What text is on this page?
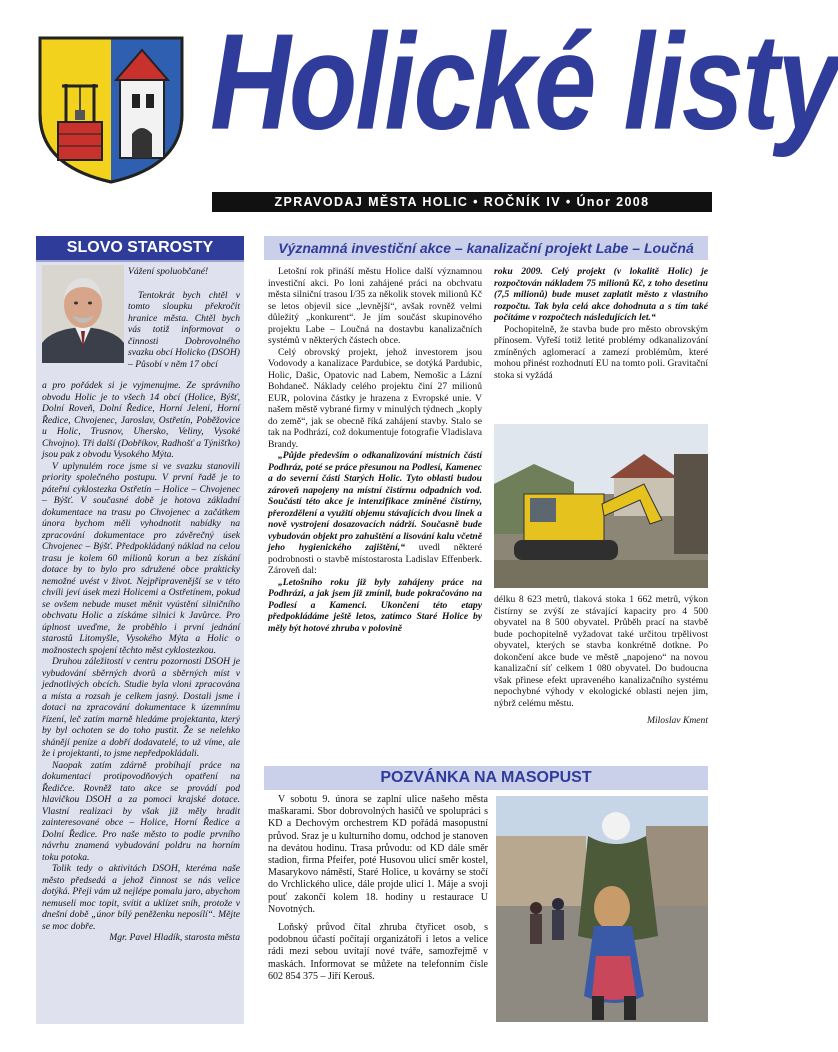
Holické listy
ZPRAVODAJ MĚSTA HOLIC • ROČNÍK IV • Únor 2008
SLOVO STAROSTY

Vážení spoluobčané!

Tentokrát bych chtěl v tomto sloupku překročit hranice města. Chtěl bych vás totiž informovat o činnosti Dobrovolného svazku obcí Holicko (DSOH) – Působí v něm 17 obcí

a pro pořádek si je vyjmenujme. Ze správního obvodu Holic je to všech 14 obcí (Holice, Býšť, Dolní Roveň, Dolní Ředice, Horní Jelení, Horní Ředice, Chvojenec, Jaroslav, Ostřetín, Poběžovice u Holic, Trusnov, Uhersko, Veliny, Vysoké Chvojno). Tři další (Dobříkov, Radhošť a Týnišťko) jsou pak z obvodu Vysokého Mýta.

V uplynulém roce jsme si ve svazku stanovili priority společného postupu. V první řadě je to páteřní cyklostezka Ostřetín – Holice – Chvojenec – Býšť. V současné době je hotova základní dokumentace na trasu po Chvojenec a začátkem února bychom měli vyhodnotit nabídky na zpracování dokumentace pro závěrečný úsek Chvojenec – Býšť. Předpokládaný náklad na celou trasu je kolem 60 milionů korun a bez získání dotace by to bylo pro sdružené obce prakticky nemožné uvést v život. Nejpřipravenější se v této chvíli jeví úsek mezi Holicemi a Ostřetínem, pokud se ovšem nebude muset měnit vyústění silničního obchvatu Holic a získáme silnici k Javůrce. Pro úplnost uveďme, že proběhlo i první jednání starostů Litomyšle, Vysokého Mýta a Holic o možnostech spojení těchto měst cyklostezkou.

Druhou záležitostí v centru pozornosti DSOH je vybudování sběrných dvorů a sběrných míst v jednotlivých obcích. Studie byla vloni zpracována a místa a rozsah je celkem jasný. Dostali jsme i dotaci na zpracování dokumentace k územnímu řízení, leč zatím marně hledáme projektanta, který by byl ochoten se do toho pustit. Že se nelehko shánějí peníze a dobří dodavatelé, to už víme, ale že i projektanti, to jsme nepředpokládali.

Naopak zatím zdárně probíhají práce na dokumentaci protipovodňových opatření na Ředičce. Rovněž tato akce se provádí pod hlavičkou DSOH a za pomoci krajské dotace. Vlastní realizaci by však již měly hradit zainteresované obce – Holice, Horní Ředice a Dolní Ředice. Pro naše město to podle prvního návrhu znamená vybudování poldru na horním toku potoka.

Tolik tedy o aktivitách DSOH, kteréma naše město předsedá a jehož činnost se nás velice dotýká. Přeji vám už nejlépe pomalu jaro, abychom nemuseli moc topit, svítit a uklízet sníh, protože v dnešní době „únor bílý peněženku neposílí“. Mějte se moc dobře.

Mgr. Pavel Hladík, starosta města

Významná investiční akce – kanalizační projekt Labe – Loučná

Letošní rok přináší městu Holice další významnou investiční akci. Po loni zahájené práci na obchvatu města silniční trasou I/35 za několik stovek milionů Kč se letos objevil sice „levnější“, avšak rovněž velmi důležitý „konkurent“. Je jím součást skupinového projektu Labe – Loučná na dostavbu kanalizačních systémů v některých částech obce.

Celý obrovský projekt, jehož investorem jsou Vodovody a kanalizace Pardubice, se dotýká Pardubic, Holic, Dašic, Opatovic nad Labem, Nemošic a Lázní Bohdaneč. Náklady celého projektu činí 27 milionů EUR, polovina částky je hrazena z Evropské unie. V našem městě vybrané firmy v minulých týdnech „koply do země“, jak se obecně říká zahájení stavby. Stalo se tak na Podhrází, což dokumentuje fotografie Vladislava Brandy.

„Půjde především o odkanalizování místních částí Podhráz, poté se práce přesunou na Podlesí, Kamenec a do severní části Starých Holic. Tyto oblasti budou zároveň napojeny na místní čistírnu odpadních vod. Součástí této akce je intenzifikace zmíněné čistírny, přerozdělení a využití objemu stávajících dvou linek a nově vystrojení dosazovacích nádrží. Současně bude vybudován objekt pro zahuštění a lisování kalu včetně jeho hygienického zajištění,“ uvedl některé podrobnosti o stavbě místostarosta Ladislav Effenberk. Zároveň dal:

„Letošního roku již byly zahájeny práce na Podhrázi, a jak jsem již zmínil, bude pokračováno na Podlesí a Kamenci. Ukončení této etapy předpokládáme ještě letos, zatímco Staré Holice by měly být hotové zhruba v polovině

roku 2009. Celý projekt (v lokalitě Holic) je rozpočtován nákladem 75 milionů Kč, z toho desetinu (7,5 milionů) bude muset zaplatit město z vlastního rozpočtu. Tak byla celá akce dohodnuta a s tím také počítáme v rozpočtech následujících let.“

Pochopitelně, že stavba bude pro město obrovským přínosem. Vyřeší totiž letité problémy odkanalizování zmíněných aglomerací a zamezí problémům, které mohou přinést rozhodnutí EU na tomto poli. Gravitační stoka si vyžádá

délku 8 623 metrů, tlaková stoka 1 662 metrů, výkon čistírny se zvýší ze stávající kapacity pro 4 500 obyvatel na 8 500 obyvatel. Průběh prací na stavbě bude pochopitelně vyžadovat také určitou trpělivost obyvatel, kterých se stavba konkrétně dotkne. Po dokončení akce bude ve městě „napojeno“ na novou kanalizační síť celkem 1 080 obyvatel. Do budoucna však přinese efekt upraveného kanalizačního systému nepochybné výhody v ekologické oblasti nejen jim, nýbrž celému městu.

Miloslav Kment

POZVÁNKA NA MASOPUST

V sobotu 9. února se zaplní ulice našeho města maškarami. Sbor dobrovolných hasičů ve spolupráci s KD a Dechovým orchestrem KD pořádá masopustní průvod. Sraz je u kulturního domu, odchod je stanoven na devátou hodinu. Trasa průvodu: od KD dále směr stadion, firma Pfeifer, poté Husovou ulicí směr kostel, Masarykovo náměstí, Staré Holice, u kovárny se stočí do Vrchlického ulice, dále projde ulicí 1. Máje a svoji pouť zakončí kolem 18. hodiny u restaurace U Novotných.

Loňský průvod čítal zhruba čtyřicet osob, s podobnou účastí počítají organizátoři i letos a velice rádi mezi sebou uvítají nové tváře, samozřejmě v maskách. Informovat se můžete na telefonním čísle 602 854 375 – Jiří Kerouš.
